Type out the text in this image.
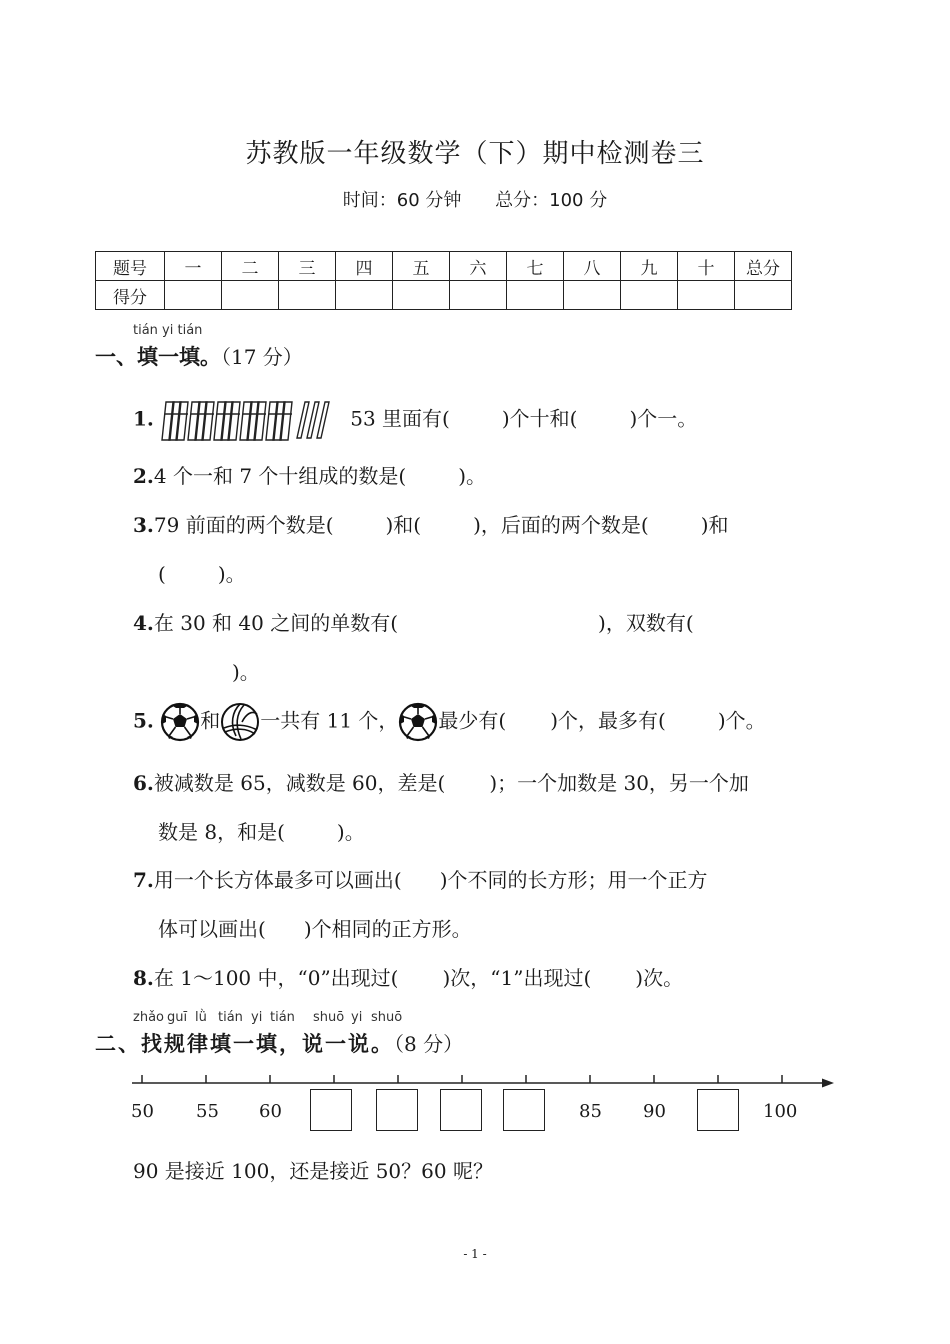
苏教版一年级数学（下）期中检测卷三
时间：60 分钟 总分：100 分
题号	一	二	三	四	五	六	七	八	九	十	总分
得分											
tián yi tián
一、填一填。（17 分）
1.	53 里面有(	)个十和(	)个一。
2.4 个一和 7 个十组成的数是(	)。
3.79 前面的两个数是(	)和(	)，后面的两个数是(	)和
(	)。
4.在 30 和 40 之间的单数有(	)，双数有(
)。
5. 和 一共有 11 个， 最少有( )个，最多有(	)个。
6.被减数是 65，减数是 60，差是( )；一个加数是 30，另一个加
数是 8，和是(	)。
7.用一个长方体最多可以画出( )个不同的长方形；用一个正方
体可以画出( )个相同的正方形。
8.在 1～100 中，“0”出现过( )次，“1”出现过( )次。
zhǎo guī lǜ tián yi tián shuō yi shuō
二、找规律填一填，说一说。（8 分）
50 55 60	85 90	100
90 是接近 100，还是接近 50？60 呢？
- 1 -
